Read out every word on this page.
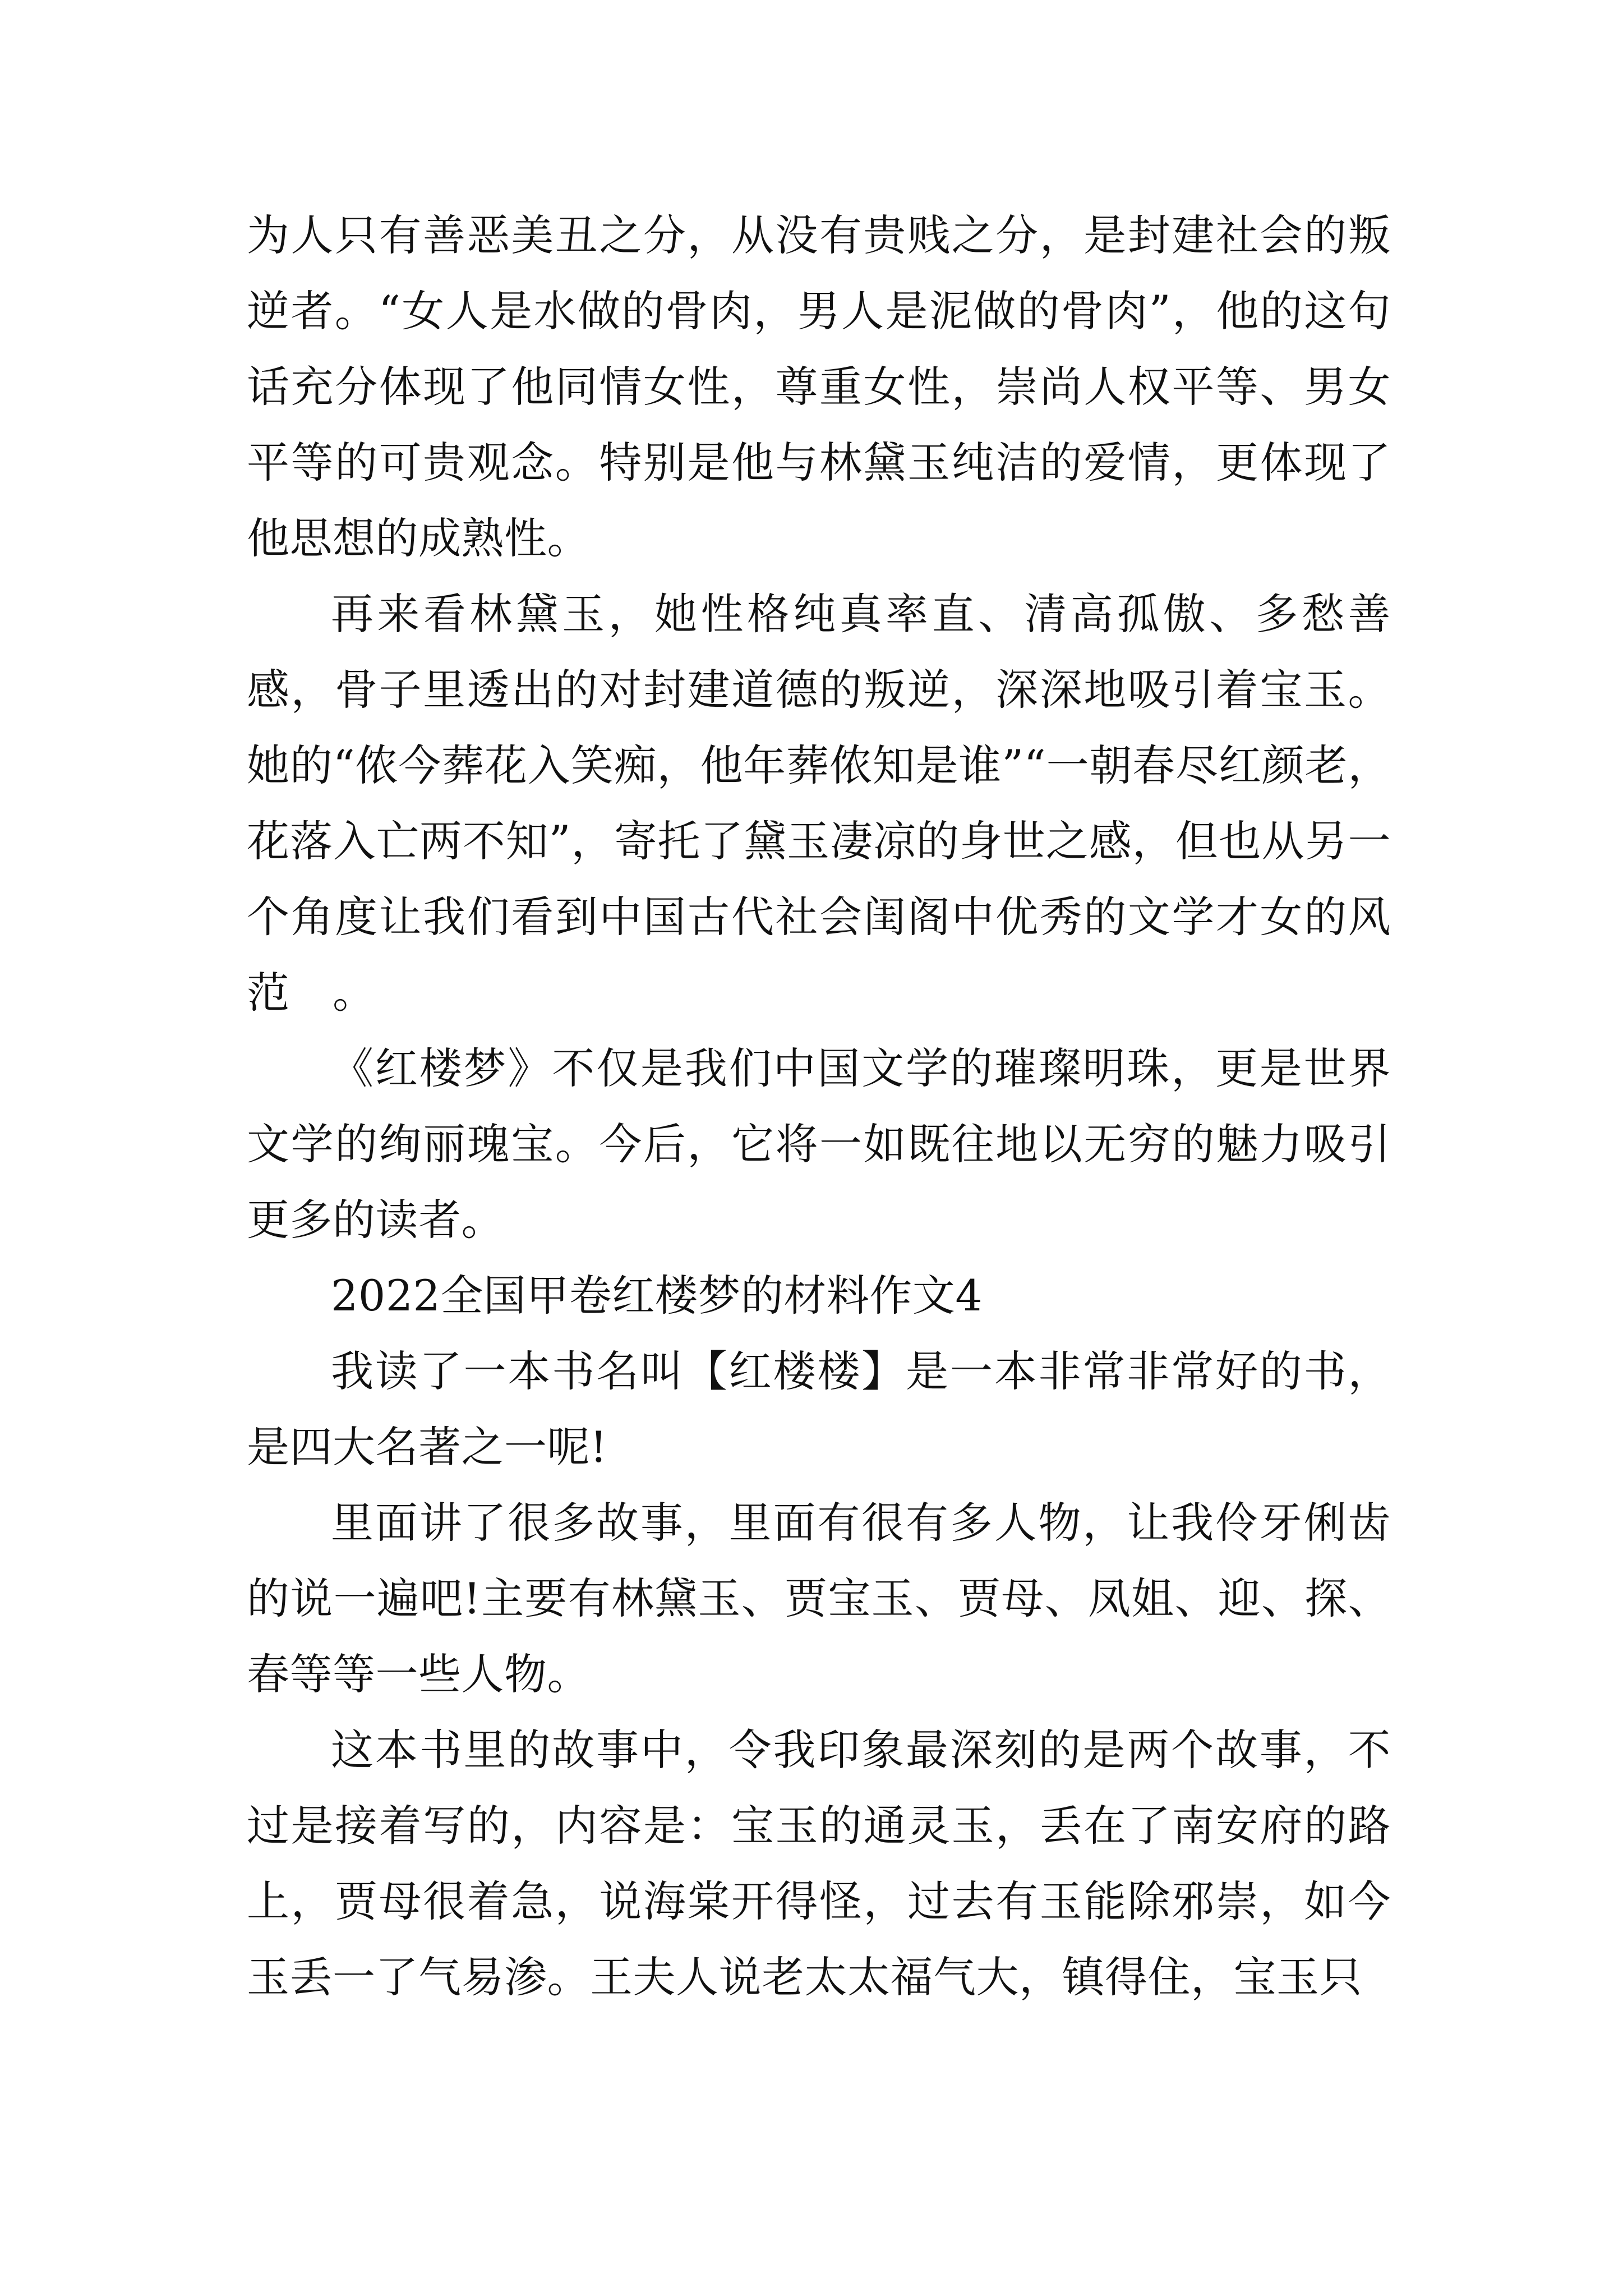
为人只有善恶美丑之分，从没有贵贱之分，是封建社会的叛逆者。“女人是水做的骨肉，男人是泥做的骨肉”，他的这句话充分体现了他同情女性，尊重女性，崇尚人权平等、男女平等的可贵观念。特别是他与林黛玉纯洁的爱情，更体现了他思想的成熟性。

再来看林黛玉，她性格纯真率直、清高孤傲、多愁善感，骨子里透出的对封建道德的叛逆，深深地吸引着宝玉。她的“侬今葬花入笑痴，他年葬侬知是谁”“一朝春尽红颜老，花落入亡两不知”，寄托了黛玉凄凉的身世之感，但也从另一个角度让我们看到中国古代社会闺阁中优秀的文学才女的风范　。

《红楼梦》不仅是我们中国文学的璀璨明珠，更是世界文学的绚丽瑰宝。今后，它将一如既往地以无穷的魅力吸引更多的读者。

2022全国甲卷红楼梦的材料作文4

我读了一本书名叫【红楼楼】是一本非常非常好的书，是四大名著之一呢!

里面讲了很多故事，里面有很有多人物，让我伶牙俐齿的说一遍吧!主要有林黛玉、贾宝玉、贾母、凤姐、迎、探、春等等一些人物。

这本书里的故事中，令我印象最深刻的是两个故事，不过是接着写的，内容是：宝玉的通灵玉，丢在了南安府的路上，贾母很着急，说海棠开得怪，过去有玉能除邪崇，如今玉丢一了气易渗。王夫人说老太太福气大，镇得住，宝玉只
